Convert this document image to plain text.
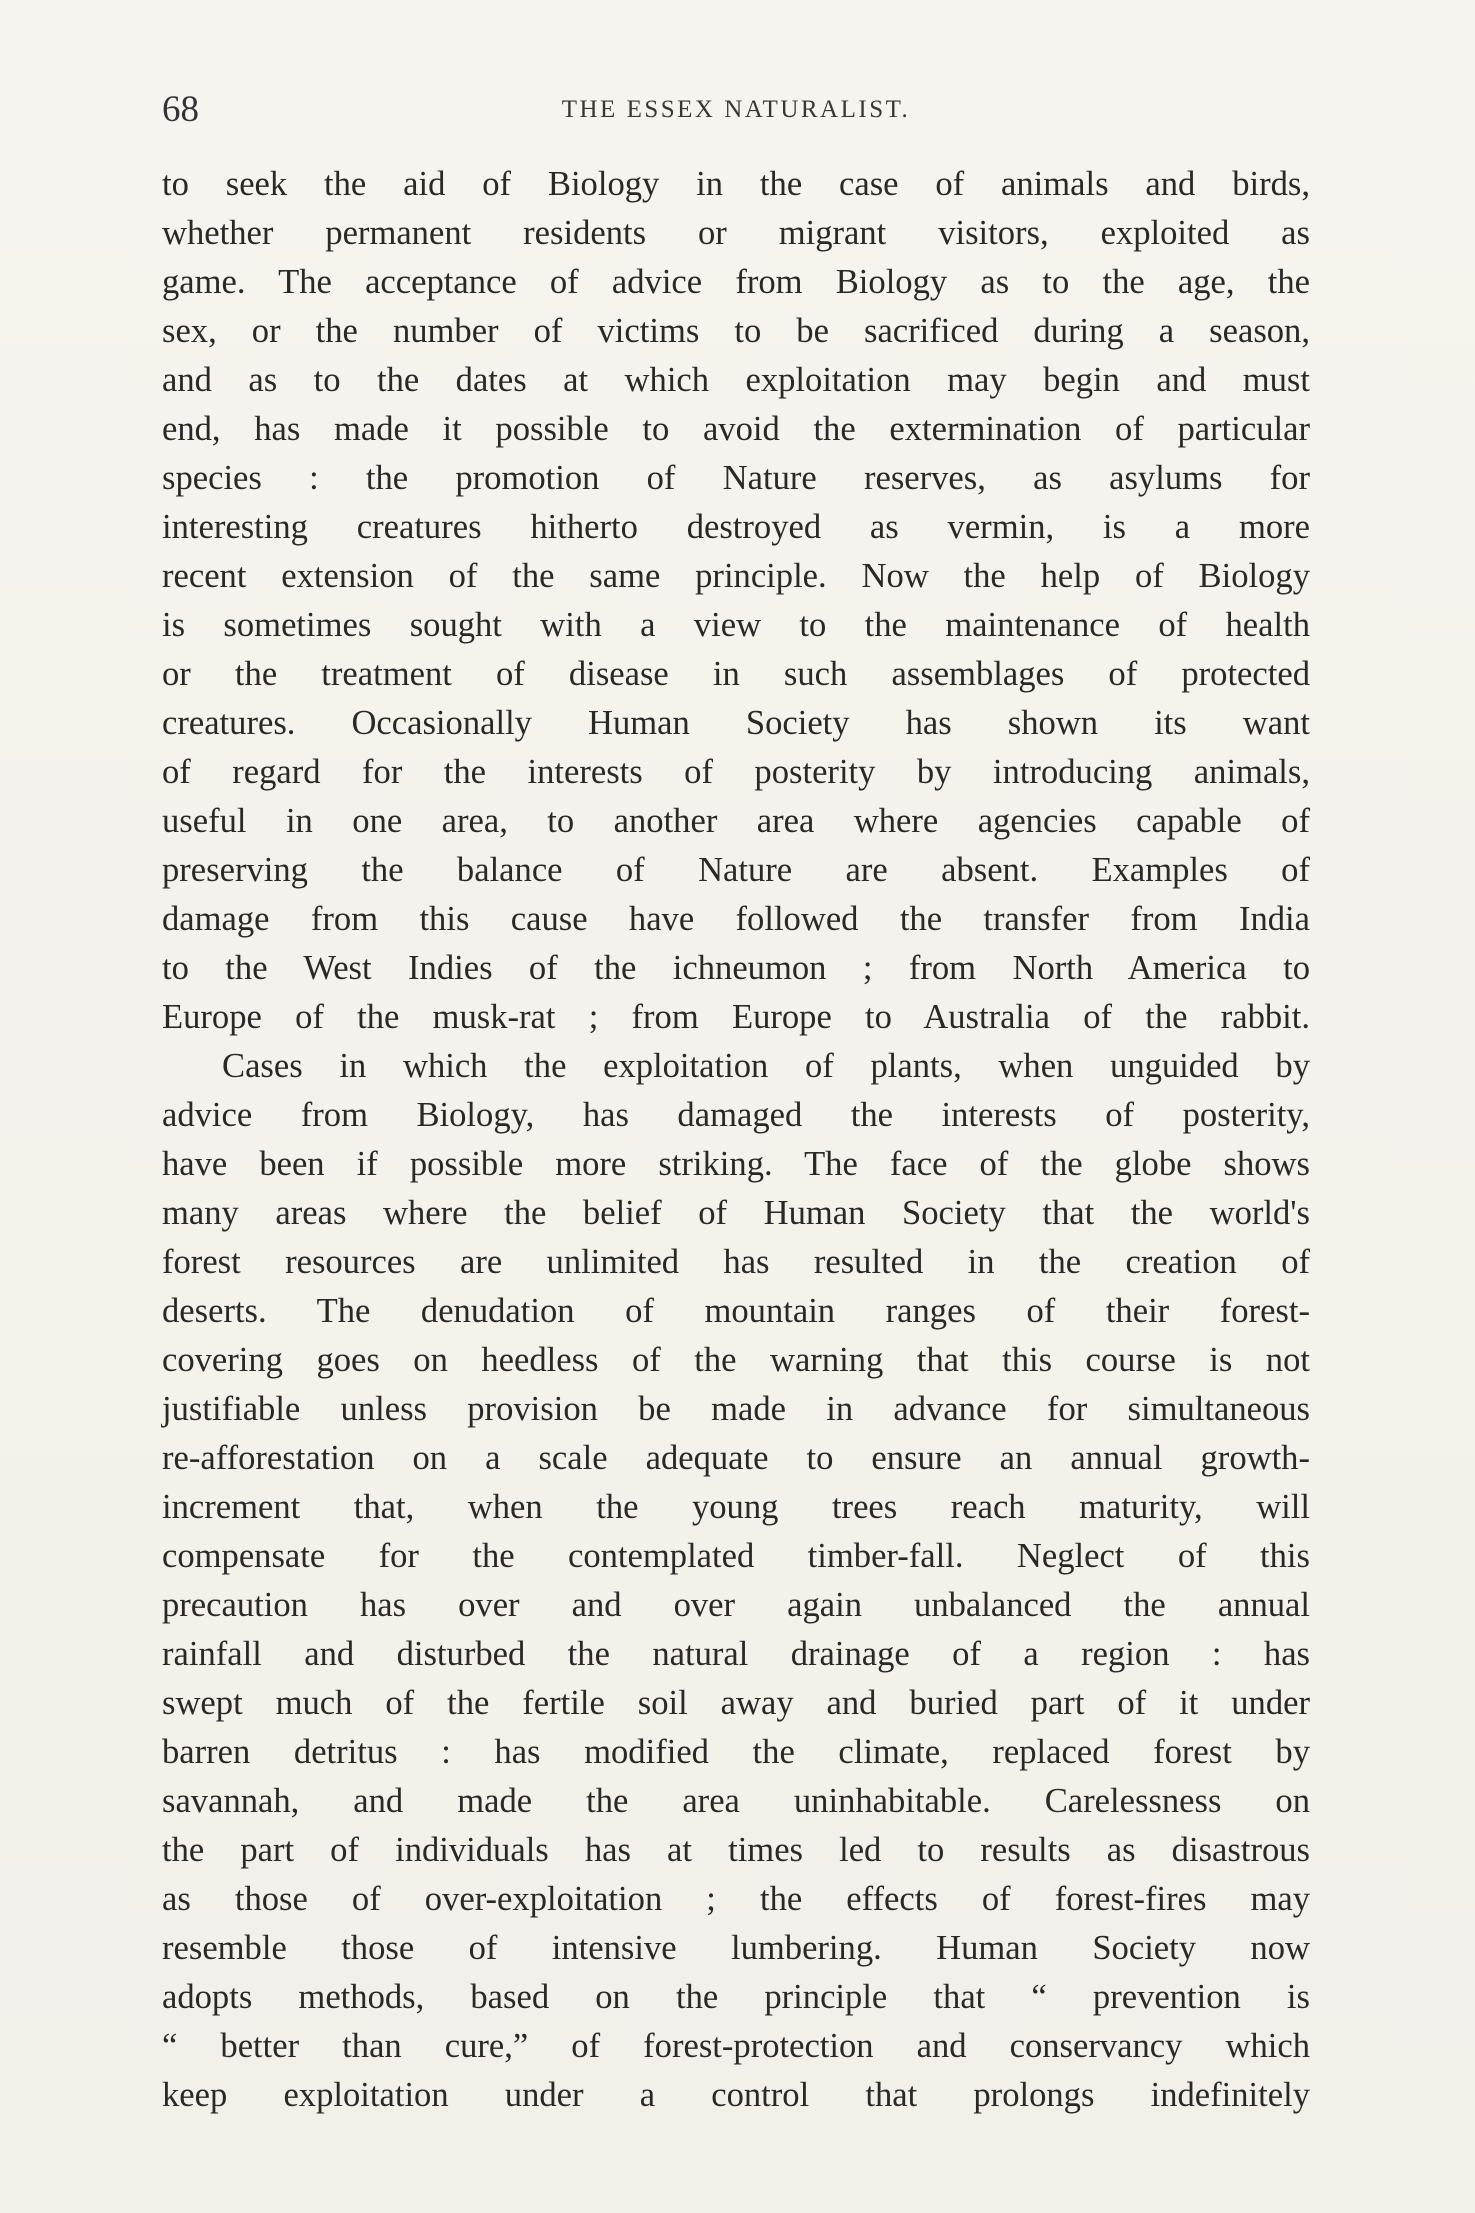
68	THE ESSEX NATURALIST.
to seek the aid of Biology in the case of animals and birds,
whether permanent residents or migrant visitors, exploited as
game. The acceptance of advice from Biology as to the age, the
sex, or the number of victims to be sacrificed during a season,
and as to the dates at which exploitation may begin and must
end, has made it possible to avoid the extermination of particular
species : the promotion of Nature reserves, as asylums for
interesting creatures hitherto destroyed as vermin, is a more
recent extension of the same principle. Now the help of Biology
is sometimes sought with a view to the maintenance of health
or the treatment of disease in such assemblages of protected
creatures. Occasionally Human Society has shown its want
of regard for the interests of posterity by introducing animals,
useful in one area, to another area where agencies capable of
preserving the balance of Nature are absent. Examples of
damage from this cause have followed the transfer from India
to the West Indies of the ichneumon ; from North America to
Europe of the musk-rat ; from Europe to Australia of the rabbit.
Cases in which the exploitation of plants, when unguided by
advice from Biology, has damaged the interests of posterity,
have been if possible more striking. The face of the globe shows
many areas where the belief of Human Society that the world's
forest resources are unlimited has resulted in the creation of
deserts. The denudation of mountain ranges of their forest-
covering goes on heedless of the warning that this course is not
justifiable unless provision be made in advance for simultaneous
re-afforestation on a scale adequate to ensure an annual growth-
increment that, when the young trees reach maturity, will
compensate for the contemplated timber-fall. Neglect of this
precaution has over and over again unbalanced the annual
rainfall and disturbed the natural drainage of a region : has
swept much of the fertile soil away and buried part of it under
barren detritus : has modified the climate, replaced forest by
savannah, and made the area uninhabitable. Carelessness on
the part of individuals has at times led to results as disastrous
as those of over-exploitation ; the effects of forest-fires may
resemble those of intensive lumbering. Human Society now
adopts methods, based on the principle that “ prevention is
“ better than cure,” of forest-protection and conservancy which
keep exploitation under a control that prolongs indefinitely
